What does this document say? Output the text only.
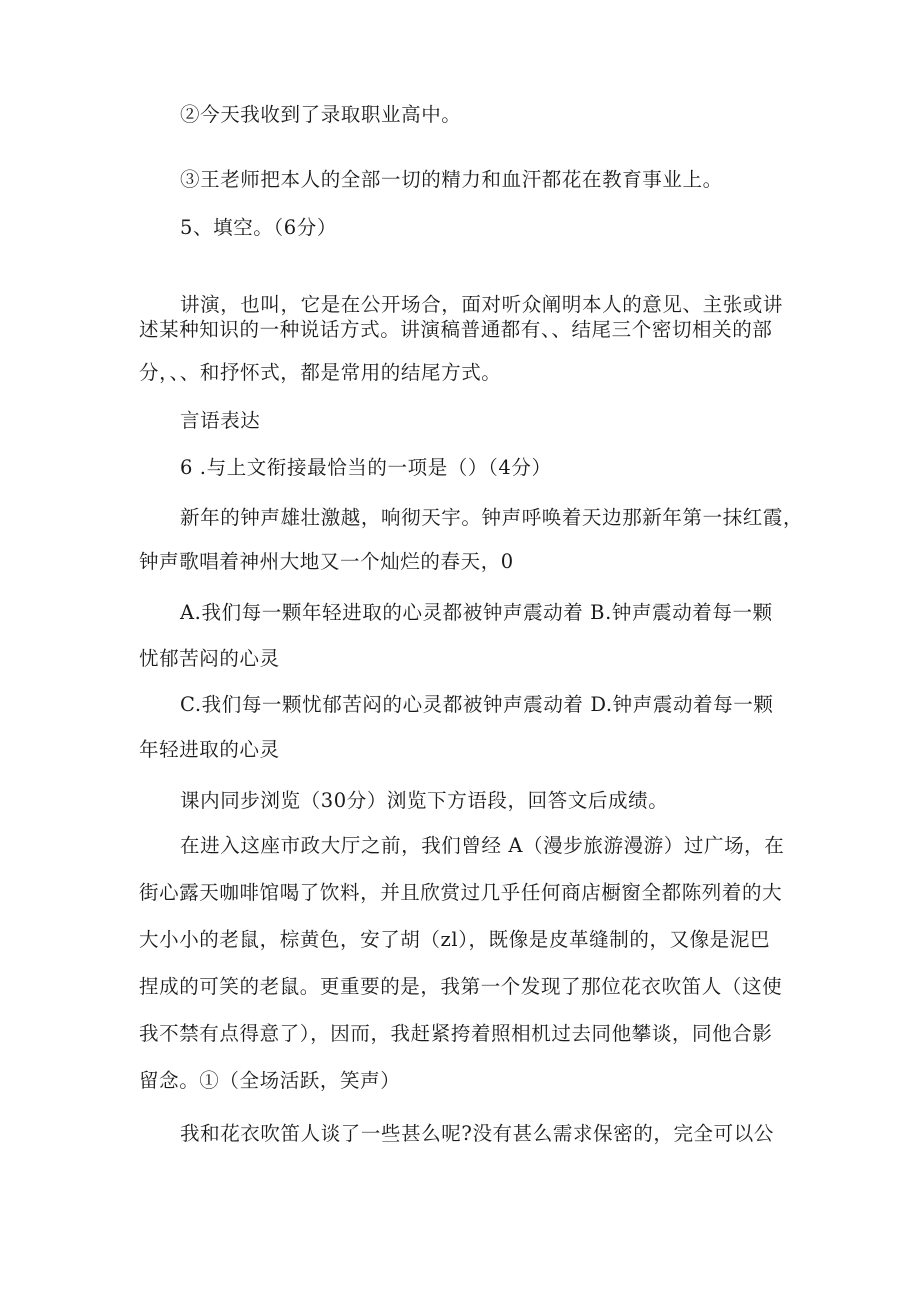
②今天我收到了录取职业高中。
③王老师把本人的全部一切的精力和血汗都花在教育事业上。
5、填空。（6分）
讲演，也叫，它是在公开场合，面对听众阐明本人的意见、主张或讲
述某种知识的一种说话方式。讲演稿普通都有、、结尾三个密切相关的部
分，、、和抒怀式，都是常用的结尾方式。
言语表达
6 .与上文衔接最恰当的一项是（）（4分）
新年的钟声雄壮激越，响彻天宇。钟声呼唤着天边那新年第一抹红霞，
钟声歌唱着神州大地又一个灿烂的春天，0
A.我们每一颗年轻进取的心灵都被钟声震动着 B.钟声震动着每一颗
忧郁苦闷的心灵
C.我们每一颗忧郁苦闷的心灵都被钟声震动着 D.钟声震动着每一颗
年轻进取的心灵
课内同步浏览（30分）浏览下方语段，回答文后成绩。
在进入这座市政大厅之前，我们曾经 A（漫步旅游漫游）过广场，在
街心露天咖啡馆喝了饮料，并且欣赏过几乎任何商店橱窗全都陈列着的大
大小小的老鼠，棕黄色，安了胡（zl），既像是皮革缝制的，又像是泥巴
捏成的可笑的老鼠。更重要的是，我第一个发现了那位花衣吹笛人（这使
我不禁有点得意了），因而，我赶紧挎着照相机过去同他攀谈，同他合影
留念。①（全场活跃，笑声）
我和花衣吹笛人谈了一些甚么呢?没有甚么需求保密的，完全可以公
